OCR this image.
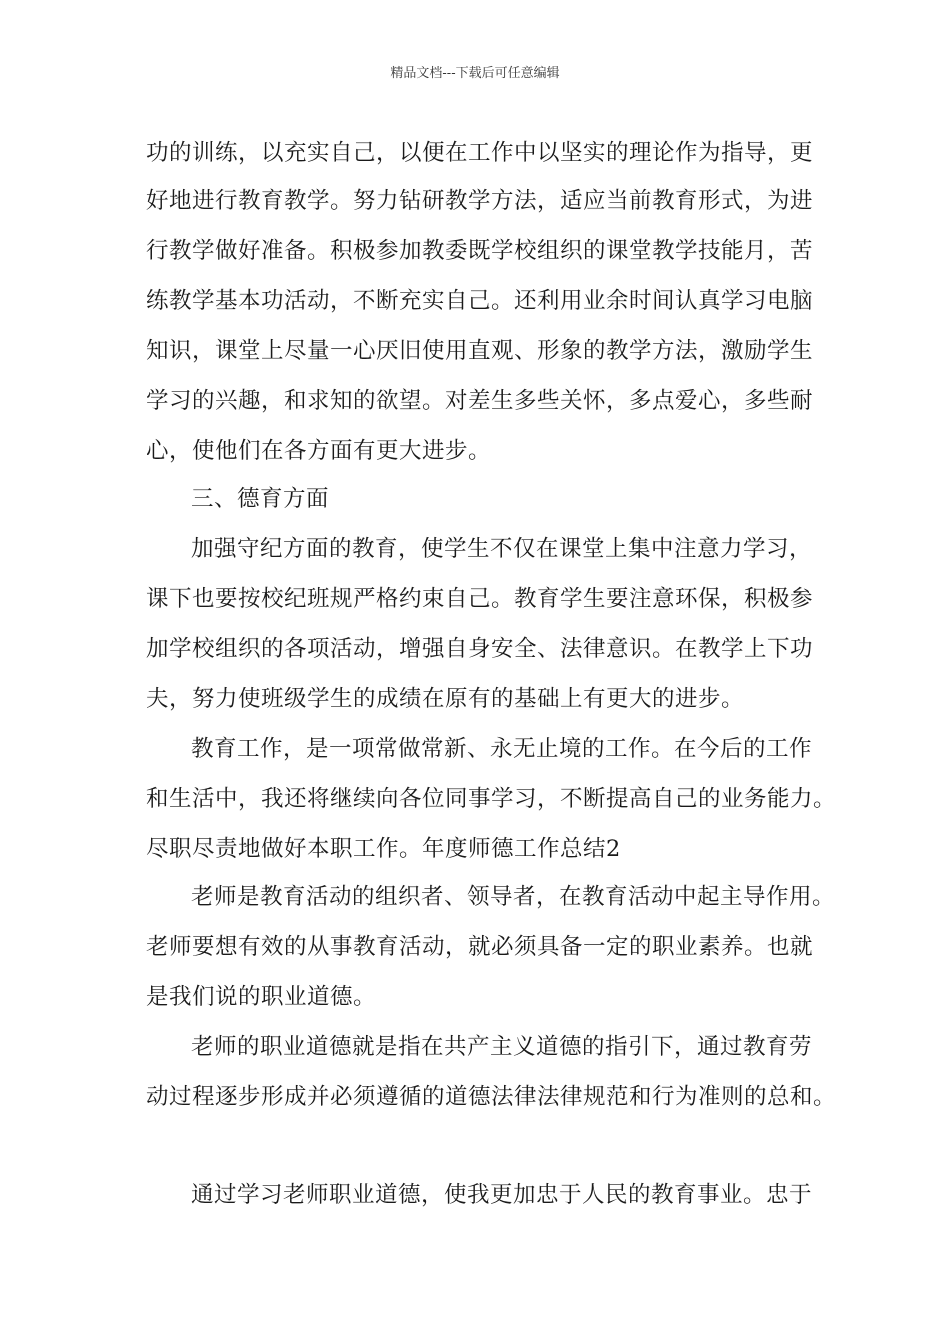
精品文档---下载后可任意编辑
功的训练，以充实自己，以便在工作中以坚实的理论作为指导，更
好地进行教育教学。努力钻研教学方法，适应当前教育形式，为进
行教学做好准备。积极参加教委既学校组织的课堂教学技能月，苦
练教学基本功活动，不断充实自己。还利用业余时间认真学习电脑
知识，课堂上尽量一心厌旧使用直观、形象的教学方法，激励学生
学习的兴趣，和求知的欲望。对差生多些关怀，多点爱心，多些耐
心，使他们在各方面有更大进步。
三、德育方面
加强守纪方面的教育，使学生不仅在课堂上集中注意力学习，
课下也要按校纪班规严格约束自己。教育学生要注意环保，积极参
加学校组织的各项活动，增强自身安全、法律意识。在教学上下功
夫，努力使班级学生的成绩在原有的基础上有更大的进步。
教育工作，是一项常做常新、永无止境的工作。在今后的工作
和生活中，我还将继续向各位同事学习，不断提高自己的业务能力。
尽职尽责地做好本职工作。年度师德工作总结2
老师是教育活动的组织者、领导者，在教育活动中起主导作用。
老师要想有效的从事教育活动，就必须具备一定的职业素养。也就
是我们说的职业道德。
老师的职业道德就是指在共产主义道德的指引下，通过教育劳
动过程逐步形成并必须遵循的道德法律法律规范和行为准则的总和。
通过学习老师职业道德，使我更加忠于人民的教育事业。忠于
